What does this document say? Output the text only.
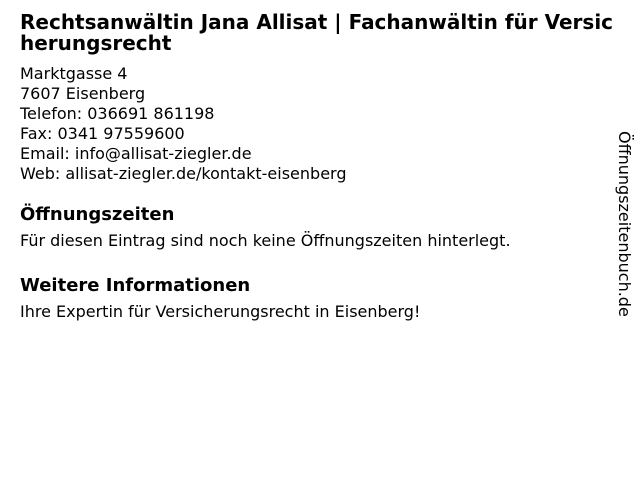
Rechtsanwältin Jana Allisat | Fachanwältin für Versic
herungsrecht
Marktgasse 4
7607 Eisenberg
Telefon: 036691 861198
Fax: 0341 97559600
Email: info@allisat-ziegler.de
Web: allisat-ziegler.de/kontakt-eisenberg
Öffnungszeiten

Für diesen Eintrag sind noch keine Öffnungszeiten hinterlegt.

Weitere Informationen

Ihre Expertin für Versicherungsrecht in Eisenberg!	Öffnungszeitenbuch.de
